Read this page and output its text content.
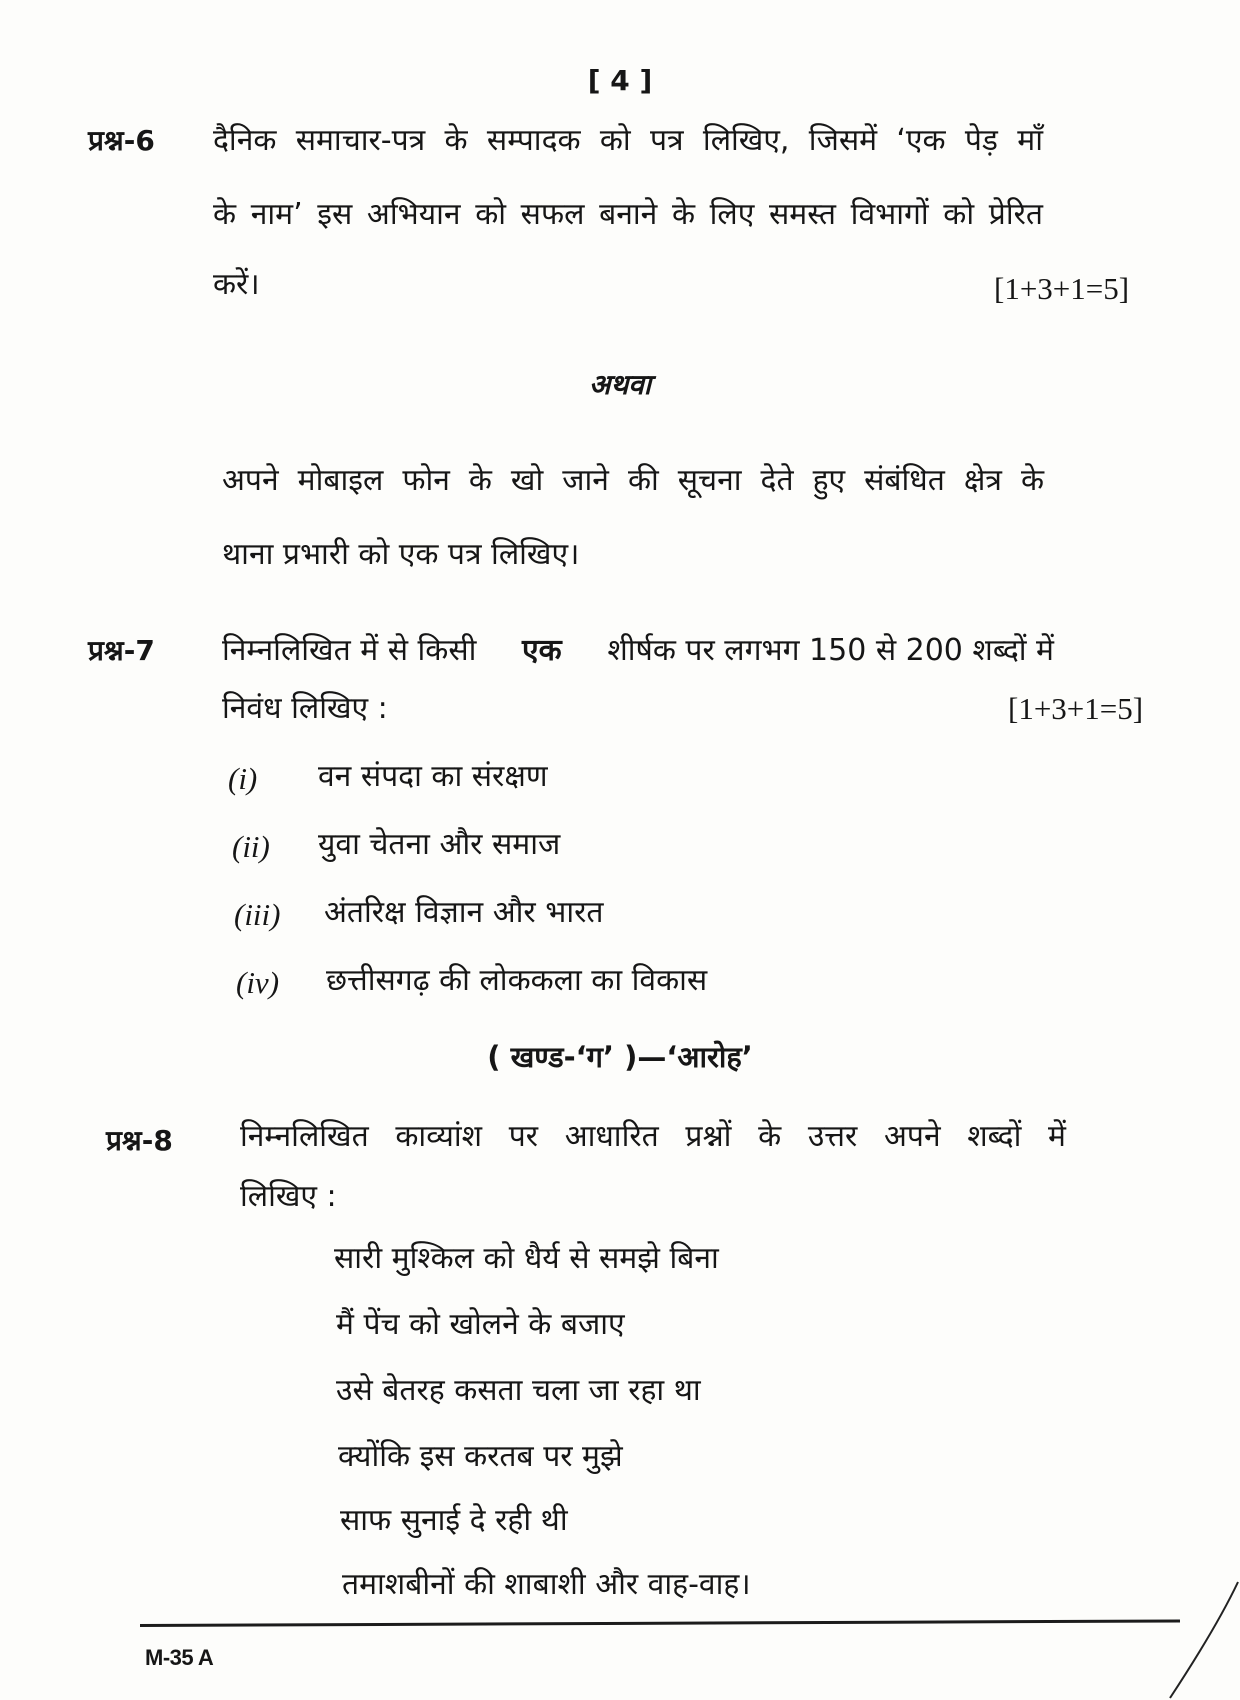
[ 4 ]
प्रश्न-6 दैनिक समाचार-पत्र के सम्पादक को पत्र लिखिए, जिसमें ‘एक पेड़ माँ
के नाम’ इस अभियान को सफल बनाने के लिए समस्त विभागों को प्रेरित
करें।	[1+3+1=5]
अथवा
अपने मोबाइल फोन के खो जाने की सूचना देते हुए संबंधित क्षेत्र के
थाना प्रभारी को एक पत्र लिखिए।
प्रश्न-7 निम्नलिखित में से किसी एक शीर्षक पर लगभग 150 से 200 शब्दों में
निवंध लिखिए :	[1+3+1=5]
(i) वन संपदा का संरक्षण
(ii) युवा चेतना और समाज
(iii) अंतरिक्ष विज्ञान और भारत
(iv) छत्तीसगढ़ की लोककला का विकास
( खण्ड-‘ग’ )—‘आरोह’
प्रश्न-8 निम्नलिखित काव्यांश पर आधारित प्रश्नों के उत्तर अपने शब्दों में
लिखिए :
सारी मुश्किल को धैर्य से समझे बिना
मैं पेंच को खोलने के बजाए
उसे बेतरह कसता चला जा रहा था
क्योंकि इस करतब पर मुझे
साफ सुनाई दे रही थी
तमाशबीनों की शाबाशी और वाह-वाह।
M-35 A
